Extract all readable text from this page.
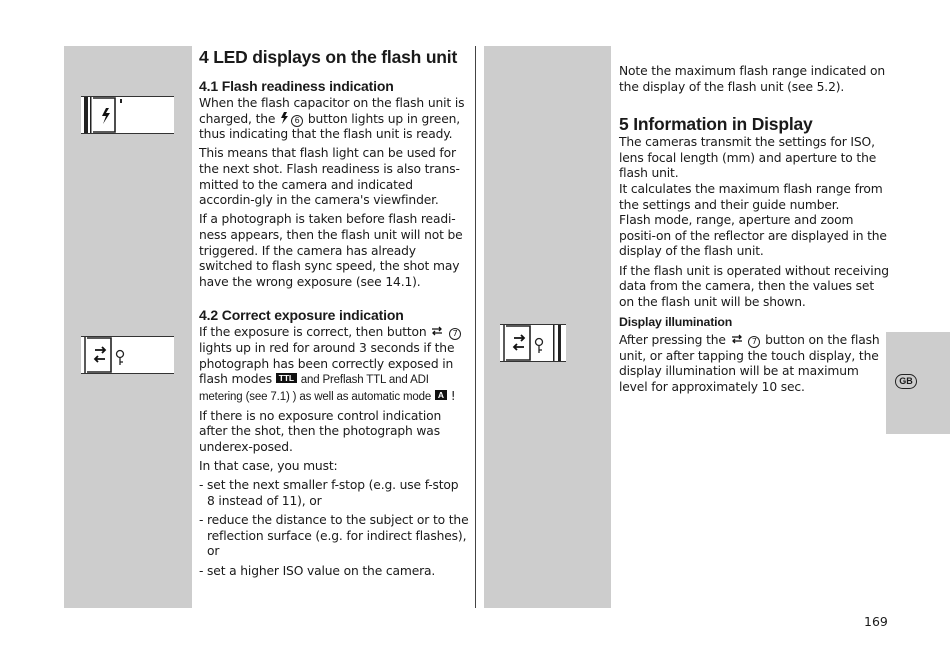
4 LED displays on the flash unit
4.1 Flash readiness indication

When the flash capacitor on the flash unit is charged, the 6 button lights up in green, thus indicating that the flash unit is ready.

This means that flash light can be used for the next shot. Flash readiness is also trans-mitted to the camera and indicated accordin-gly in the camera's viewfinder.

If a photograph is taken before flash readi-ness appears, then the flash unit will not be triggered. If the camera has already switched to flash sync speed, the shot may have the wrong exposure (see 14.1).

4.2 Correct exposure indication

If the exposure is correct, then button	7 lights up in red for around 3 seconds if the photograph has been correctly exposed in flash modes TTL and Preflash TTL and ADI metering (see 7.1) ) as well as automatic mode A !

If there is no exposure control indication after the shot, then the photograph was underex-posed.

In that case, you must:

- set the next smaller f-stop (e.g. use f-stop 8 instead of 11), or

- reduce the distance to the subject or to the reflection surface (e.g. for indirect flashes), or

- set a higher ISO value on the camera.

Note the maximum flash range indicated on the display of the flash unit (see 5.2).

5 Information in Display

The cameras transmit the settings for ISO, lens focal length (mm) and aperture to the flash unit.

It calculates the maximum flash range from the settings and their guide number.

Flash mode, range, aperture and zoom positi-on of the reflector are displayed in the display of the flash unit.

If the flash unit is operated without receiving data from the camera, then the values set on the flash unit will be shown.

Display illumination

After pressing the	7 button on the flash unit, or after tapping the touch display, the display illumination will be at maximum level for approximately 10 sec.	GB
169
